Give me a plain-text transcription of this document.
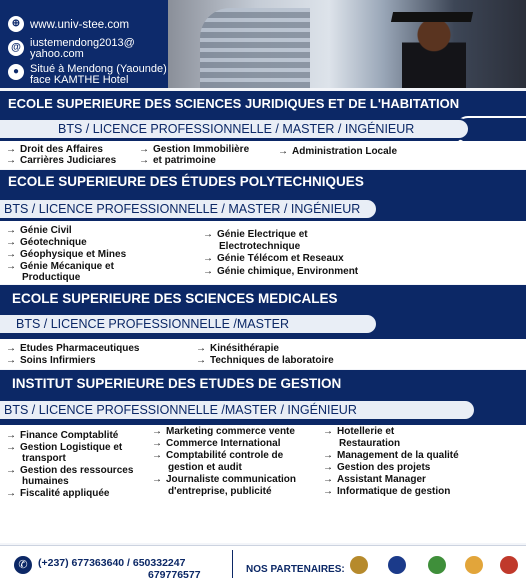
⊕ www.univ-stee.com
@ iustemendong2013@
yahoo.com
● Situé à Mendong (Yaounde)
face KAMTHE Hotel
ECOLE SUPERIEURE DES SCIENCES JURIDIQUES ET DE L'HABITATION
BTS / LICENCE PROFESSIONNELLE / MASTER / INGÉNIEUR
→ Droit des Affaires
→ Carrières Judiciares
→ Gestion Immobilière
→ et patrimoine
→ Administration Locale
ECOLE SUPERIEURE DES ÉTUDES POLYTECHNIQUES
BTS / LICENCE PROFESSIONNELLE / MASTER / INGÉNIEUR
→ Génie Civil
→ Géotechnique
→ Géophysique et Mines
→ Génie Mécanique et
Productique
→ Génie Electrique et
Electrotechnique
→ Génie Télécom et Reseaux
→ Génie chimique, Environment
ECOLE SUPERIEURE DES SCIENCES MEDICALES
BTS / LICENCE PROFESSIONNELLE /MASTER
→ Etudes Pharmaceutiques
→ Soins Infirmiers
→ Kinésithérapie
→ Techniques de laboratoire
INSTITUT SUPERIEURE DES ETUDES DE GESTION
BTS / LICENCE PROFESSIONNELLE /MASTER / INGÉNIEUR
→ Finance Comptablité
→ Gestion Logistique et
transport
→ Gestion des ressources
humaines
→ Fiscalité appliquée
→ Marketing commerce vente
→ Commerce International
→ Comptabilité controle de
gestion et audit
→ Journaliste communication
d'entreprise, publicité
→ Hotellerie et
Restauration
→ Management de la qualité
→ Gestion des projets
→ Assistant Manager
→ Informatique de gestion
✆ (+237) 677363640 / 650332247
679776577	NOS PARTENAIRES:
